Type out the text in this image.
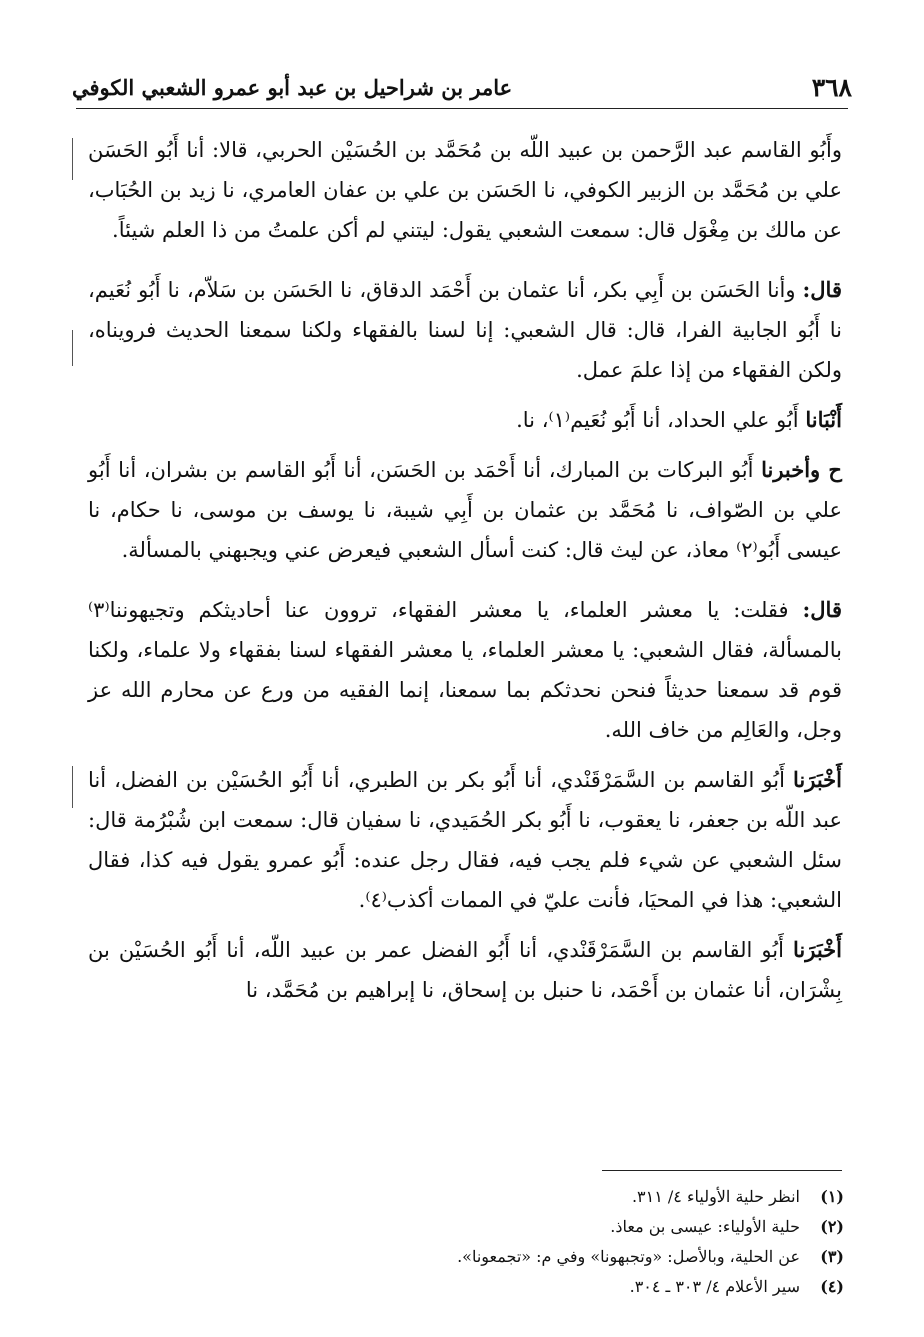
٣٦٨
عامر بن شراحيل بن عبد أبو عمرو الشعبي الكوفي

وأَبُو القاسم عبد الرَّحمن بن عبيد اللّه بن مُحَمَّد بن الحُسَيْن الحربي، قالا: أنا أَبُو الحَسَن علي بن مُحَمَّد بن الزبير الكوفي، نا الحَسَن بن علي بن عفان العامري، نا زيد بن الحُبَاب، عن مالك بن مِغْوَل قال: سمعت الشعبي يقول: ليتني لم أكن علمتُ من ذا العلم شيئاً.

قال: وأنا الحَسَن بن أَبِي بكر، أنا عثمان بن أَحْمَد الدقاق، نا الحَسَن بن سَلاّم، نا أَبُو نُعَيم، نا أَبُو الجابية الفرا، قال: قال الشعبي: إنا لسنا بالفقهاء ولكنا سمعنا الحديث فرويناه، ولكن الفقهاء من إذا علمَ عمل.

أَنْبَانا أَبُو علي الحداد، أنا أَبُو نُعَيم⁽١⁾، نا.

ح وأخبرنا أَبُو البركات بن المبارك، أنا أَحْمَد بن الحَسَن، أنا أَبُو القاسم بن بشران، أنا أَبُو علي بن الصّواف، نا مُحَمَّد بن عثمان بن أَبِي شيبة، نا يوسف بن موسى، نا حكام، نا عيسى أَبُو⁽٢⁾ معاذ، عن ليث قال: كنت أسأل الشعبي فيعرض عني ويجبهني بالمسألة.

قال: فقلت: يا معشر العلماء، يا معشر الفقهاء، تروون عنا أحاديثكم وتجيهوننا⁽٣⁾ بالمسألة، فقال الشعبي: يا معشر العلماء، يا معشر الفقهاء لسنا بفقهاء ولا علماء، ولكنا قوم قد سمعنا حديثاً فنحن نحدثكم بما سمعنا، إنما الفقيه من ورع عن محارم الله عز وجل، والعَالِم من خاف الله.

أَخْبَرَنا أَبُو القاسم بن السَّمَرْقَنْدي، أنا أَبُو بكر بن الطبري، أنا أَبُو الحُسَيْن بن الفضل، أنا عبد اللّه بن جعفر، نا يعقوب، نا أَبُو بكر الحُمَيدي، نا سفيان قال: سمعت ابن شُبْرُمة قال: سئل الشعبي عن شيء فلم يجب فيه، فقال رجل عنده: أَبُو عمرو يقول فيه كذا، فقال الشعبي: هذا في المحيَا، فأنت عليّ في الممات أكذب⁽٤⁾.

أَخْبَرَنا أَبُو القاسم بن السَّمَرْقَنْدي، أنا أَبُو الفضل عمر بن عبيد اللّه، أنا أَبُو الحُسَيْن بن بِشْرَان، أنا عثمان بن أَحْمَد، نا حنبل بن إسحاق، نا إبراهيم بن مُحَمَّد، نا

(١)
انظر حلية الأولياء ٤/ ٣١١.
(٢)
حلية الأولياء: عيسى بن معاذ.
(٣)
عن الحلية، وبالأصل: «وتجبهونا» وفي م: «تجمعونا».
(٤)
سير الأعلام ٤/ ٣٠٣ ـ ٣٠٤.
